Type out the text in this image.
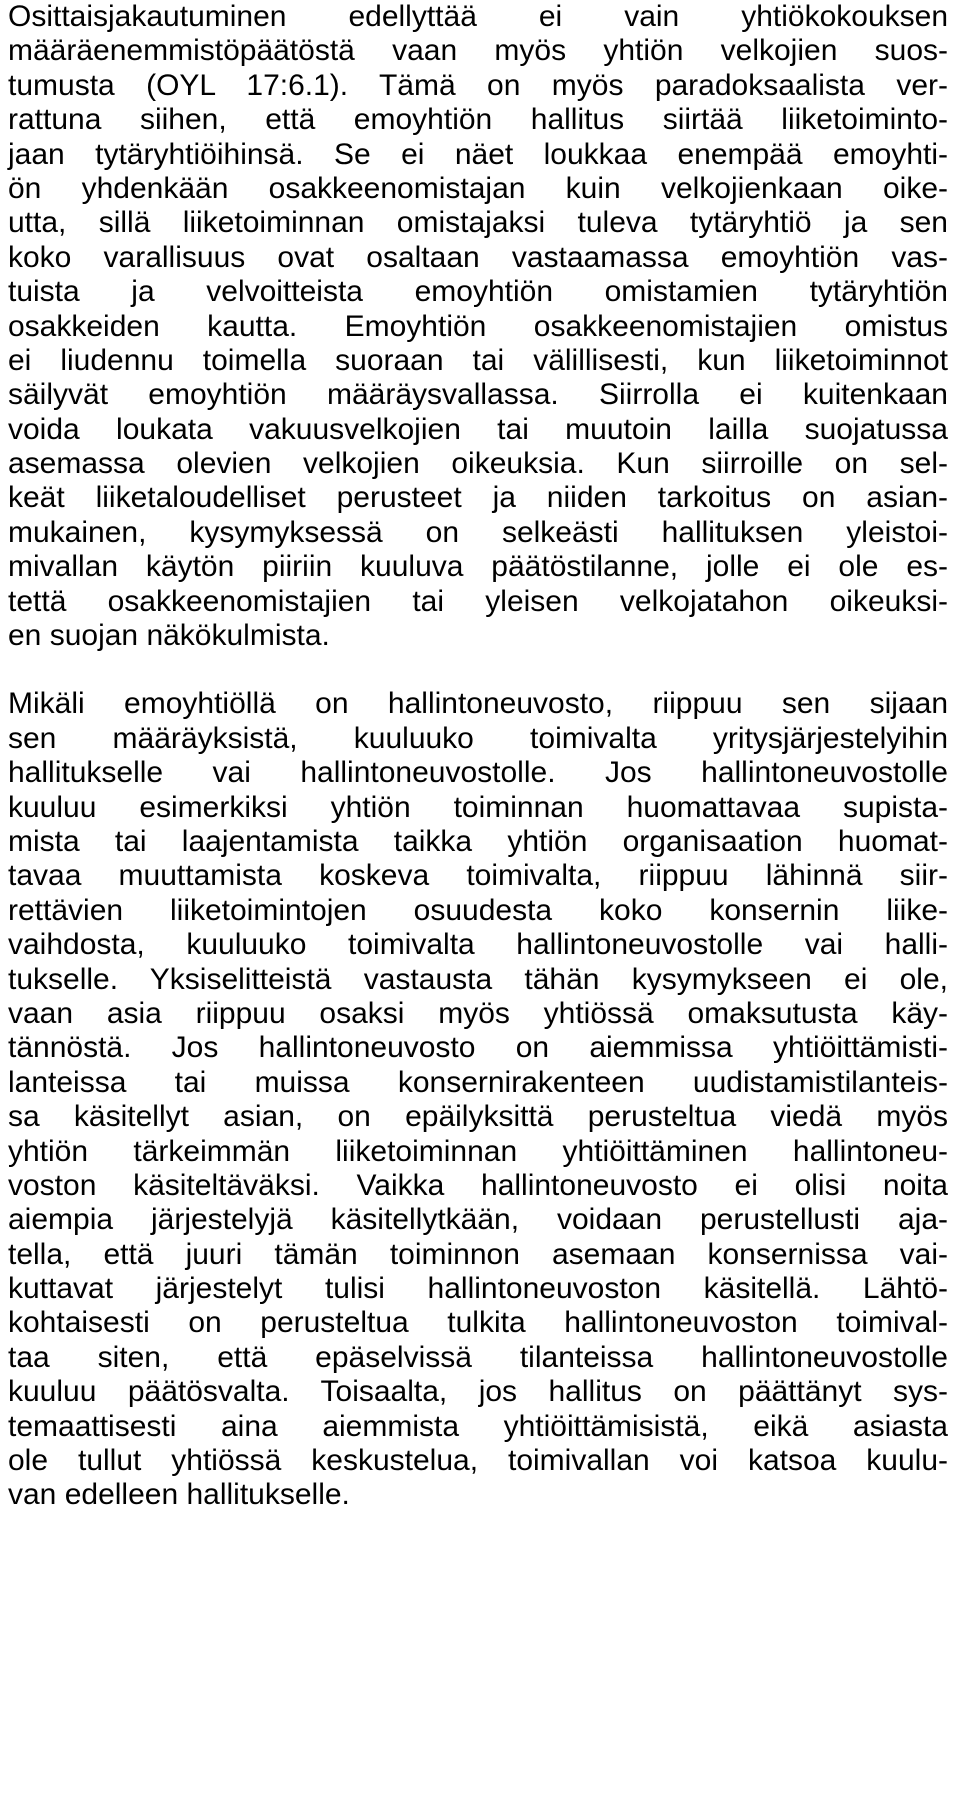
Osittaisjakautuminen edellyttää ei vain yhtiökokouksen
määräenemmistöpäätöstä vaan myös yhtiön velkojien suos-
tumusta (OYL 17:6.1). Tämä on myös paradoksaalista ver-
rattuna siihen, että emoyhtiön hallitus siirtää liiketoiminto-
jaan tytäryhtiöihinsä. Se ei näet loukkaa enempää emoyhti-
ön yhdenkään osakkeenomistajan kuin velkojienkaan oike-
utta, sillä liiketoiminnan omistajaksi tuleva tytäryhtiö ja sen
koko varallisuus ovat osaltaan vastaamassa emoyhtiön vas-
tuista ja velvoitteista emoyhtiön omistamien tytäryhtiön
osakkeiden kautta. Emoyhtiön osakkeenomistajien omistus
ei liudennu toimella suoraan tai välillisesti, kun liiketoiminnot
säilyvät emoyhtiön määräysvallassa. Siirrolla ei kuitenkaan
voida loukata vakuusvelkojien tai muutoin lailla suojatussa
asemassa olevien velkojien oikeuksia. Kun siirroille on sel-
keät liiketaloudelliset perusteet ja niiden tarkoitus on asian-
mukainen, kysymyksessä on selkeästi hallituksen yleistoi-
mivallan käytön piiriin kuuluva päätöstilanne, jolle ei ole es-
tettä osakkeenomistajien tai yleisen velkojatahon oikeuksi-
en suojan näkökulmista.
Mikäli emoyhtiöllä on hallintoneuvosto, riippuu sen sijaan
sen määräyksistä, kuuluuko toimivalta yritysjärjestelyihin
hallitukselle vai hallintoneuvostolle. Jos hallintoneuvostolle
kuuluu esimerkiksi yhtiön toiminnan huomattavaa supista-
mista tai laajentamista taikka yhtiön organisaation huomat-
tavaa muuttamista koskeva toimivalta, riippuu lähinnä siir-
rettävien liiketoimintojen osuudesta koko konsernin liike-
vaihdosta, kuuluuko toimivalta hallintoneuvostolle vai halli-
tukselle. Yksiselitteistä vastausta tähän kysymykseen ei ole,
vaan asia riippuu osaksi myös yhtiössä omaksutusta käy-
tännöstä. Jos hallintoneuvosto on aiemmissa yhtiöittämisti-
lanteissa tai muissa konsernirakenteen uudistamistilanteis-
sa käsitellyt asian, on epäilyksittä perusteltua viedä myös
yhtiön tärkeimmän liiketoiminnan yhtiöittäminen hallintoneu-
voston käsiteltäväksi. Vaikka hallintoneuvosto ei olisi noita
aiempia järjestelyjä käsitellytkään, voidaan perustellusti aja-
tella, että juuri tämän toiminnon asemaan konsernissa vai-
kuttavat järjestelyt tulisi hallintoneuvoston käsitellä. Lähtö-
kohtaisesti on perusteltua tulkita hallintoneuvoston toimival-
taa siten, että epäselvissä tilanteissa hallintoneuvostolle
kuuluu päätösvalta. Toisaalta, jos hallitus on päättänyt sys-
temaattisesti aina aiemmista yhtiöittämisistä, eikä asiasta
ole tullut yhtiössä keskustelua, toimivallan voi katsoa kuulu-
van edelleen hallitukselle.
